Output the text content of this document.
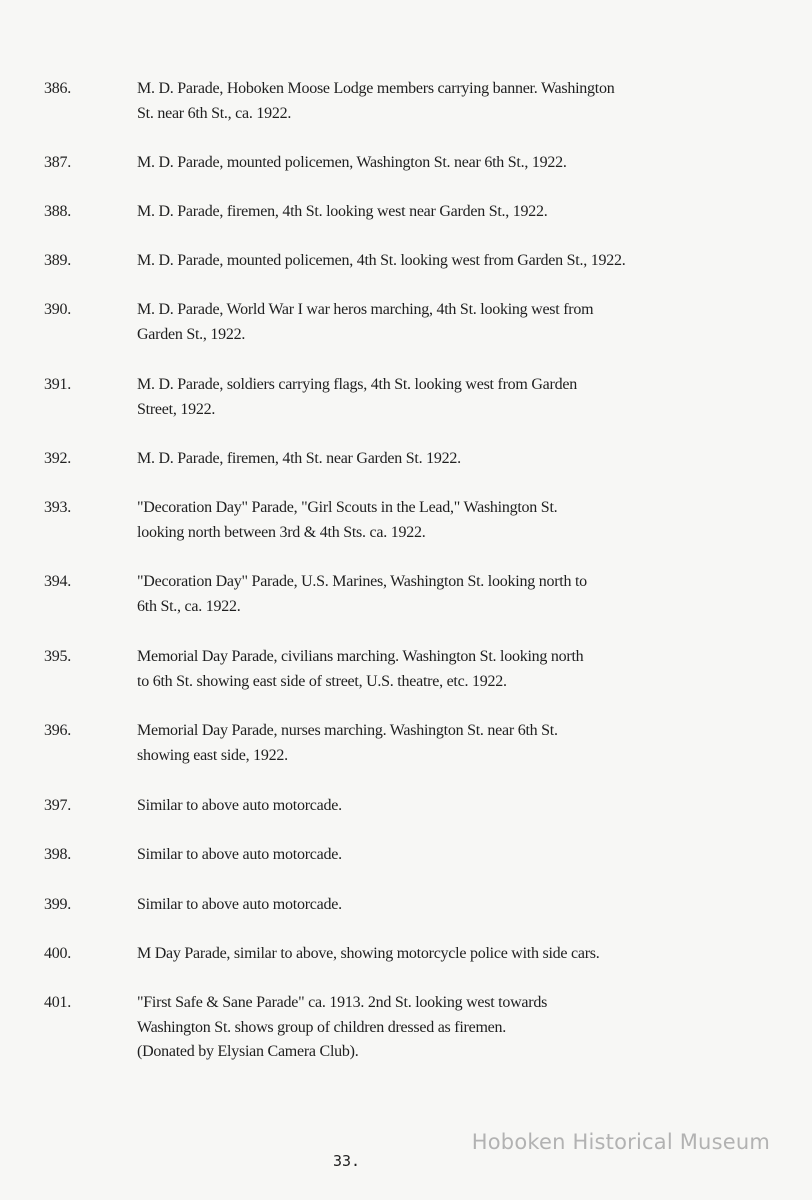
386.	M. D. Parade, Hoboken Moose Lodge members carrying banner. Washington
St. near 6th St., ca. 1922.
387.	M. D. Parade, mounted policemen, Washington St. near 6th St., 1922.
388.	M. D. Parade, firemen, 4th St. looking west near Garden St., 1922.
389.	M. D. Parade, mounted policemen, 4th St. looking west from Garden St., 1922.
390.	M. D. Parade, World War I war heros marching, 4th St. looking west from
Garden St., 1922.
391.	M. D. Parade, soldiers carrying flags, 4th St. looking west from Garden
Street, 1922.
392.	M. D. Parade, firemen, 4th St. near Garden St. 1922.
393.	"Decoration Day" Parade, "Girl Scouts in the Lead," Washington St.
looking north between 3rd & 4th Sts. ca. 1922.
394.	"Decoration Day" Parade, U.S. Marines, Washington St. looking north to
6th St., ca. 1922.
395.	Memorial Day Parade, civilians marching. Washington St. looking north
to 6th St. showing east side of street, U.S. theatre, etc. 1922.
396.	Memorial Day Parade, nurses marching. Washington St. near 6th St.
showing east side, 1922.
397.	Similar to above auto motorcade.
398.	Similar to above auto motorcade.
399.	Similar to above auto motorcade.
400.	M Day Parade, similar to above, showing motorcycle police with side cars.
401.	"First Safe & Sane Parade" ca. 1913. 2nd St. looking west towards
Washington St. shows group of children dressed as firemen.
(Donated by Elysian Camera Club).
33.
Hoboken Historical Museum
